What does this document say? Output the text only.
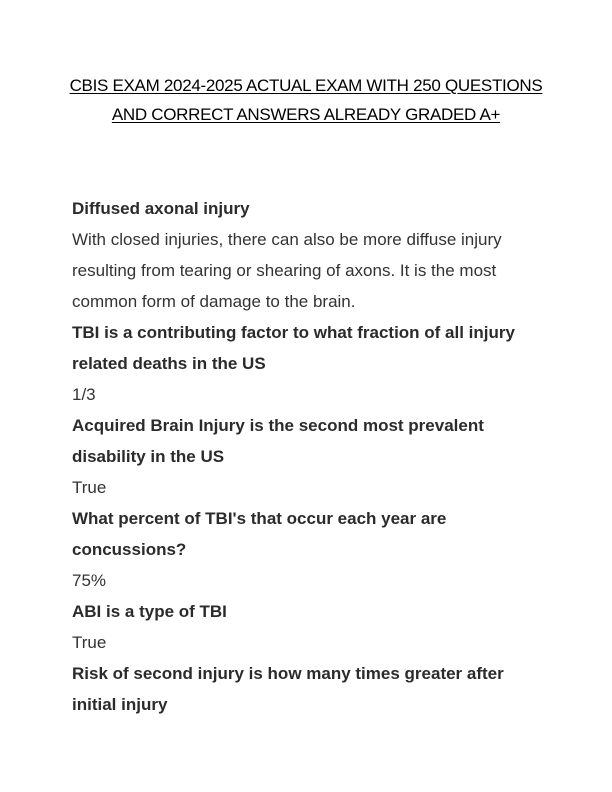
CBIS EXAM 2024-2025 ACTUAL EXAM WITH 250 QUESTIONS AND CORRECT ANSWERS ALREADY GRADED A+

Diffused axonal injury

With closed injuries, there can also be more diffuse injury resulting from tearing or shearing of axons. It is the most common form of damage to the brain.

TBI is a contributing factor to what fraction of all injury related deaths in the US

1/3

Acquired Brain Injury is the second most prevalent disability in the US

True

What percent of TBI's that occur each year are concussions?

75%

ABI is a type of TBI

True

Risk of second injury is how many times greater after initial injury
